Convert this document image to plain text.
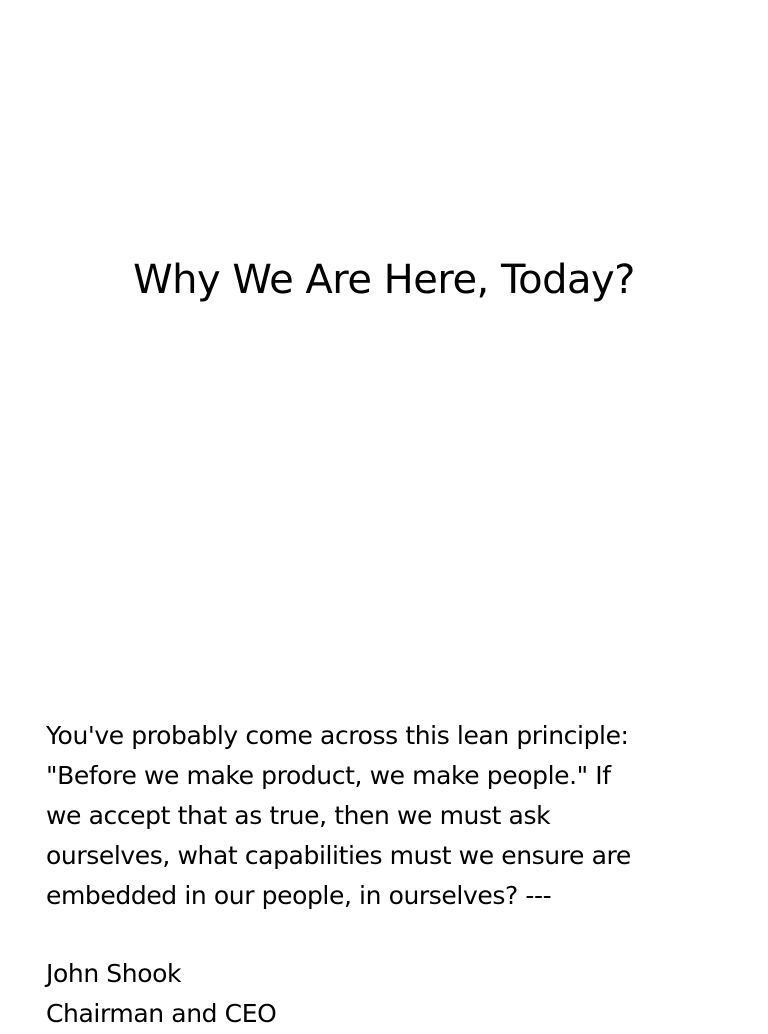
Why We Are Here, Today?
You've probably come across this lean principle:
"Before we make product, we make people." If
we accept that as true, then we must ask
ourselves, what capabilities must we ensure are
embedded in our people, in ourselves? ---
John Shook
Chairman and CEO
